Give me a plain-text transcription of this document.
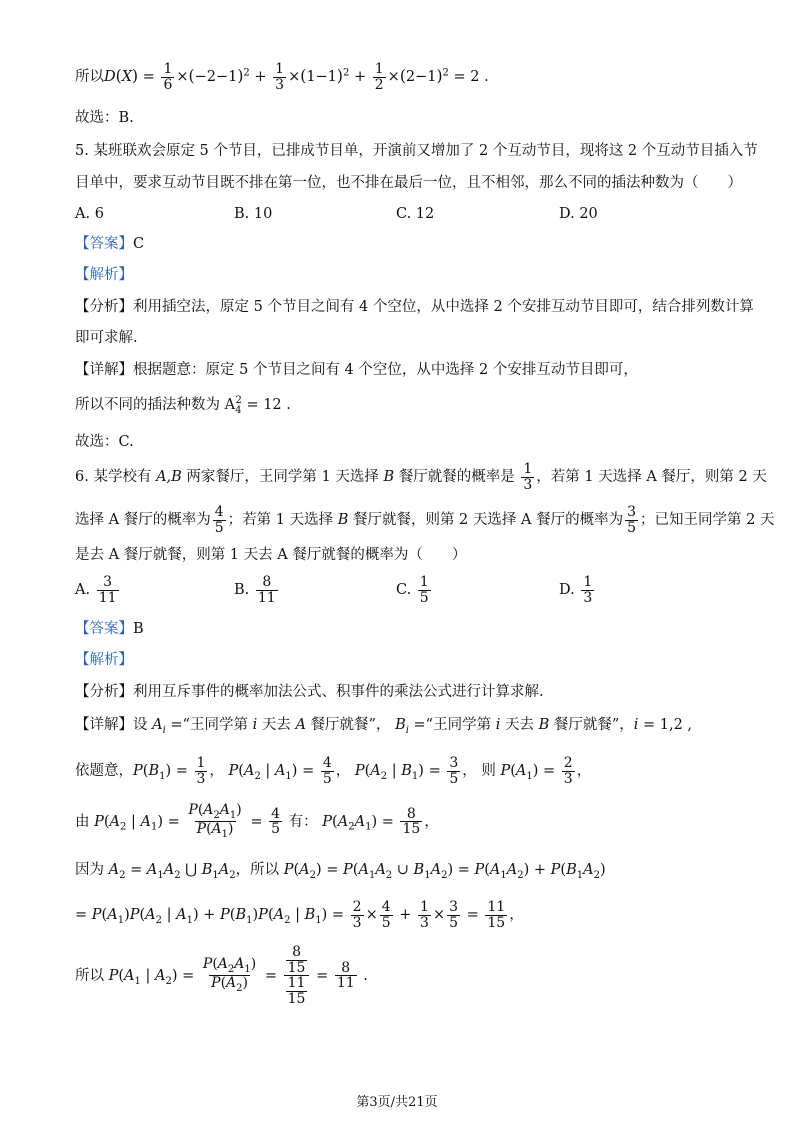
所以$D(X) = \frac{1}{6} \times(-2-1)^2 + \frac{1}{3} \times(1-1)^2 + \frac{1}{2} \times(2-1)^2 = 2$ .
故选：B.
5. 某班联欢会原定 5 个节目，已排成节目单，开演前又增加了 2 个互动节目，现将这 2 个互动节目插入节
目单中，要求互动节目既不排在第一位，也不排在最后一位，且不相邻，那么不同的插法种数为（　　）
A. 6	B. 10	C. 12	D. 20
【答案】C
【解析】
【分析】利用插空法，原定 5 个节目之间有 4 个空位，从中选择 2 个安排互动节目即可，结合排列数计算
即可求解.
【详解】根据题意：原定 5 个节目之间有 4 个空位，从中选择 2 个安排互动节目即可，
所以不同的插法种数为 $A_4^2 = 12$ .
故选：C.
6. 某学校有 A,B 两家餐厅，王同学第 1 天选择 B 餐厅就餐的概率是 $\frac{1}{3}$ ，若第 1 天选择 A 餐厅，则第 2 天
选择 A 餐厅的概率为 $\frac{4}{5}$ ；若第 1 天选择 B 餐厅就餐，则第 2 天选择 A 餐厅的概率为 $\frac{3}{5}$ ；已知王同学第 2 天
是去 A 餐厅就餐，则第 1 天去 A 餐厅就餐的概率为（　　）
A. $\frac{3}{11}$	B. $\frac{8}{11}$	C. $\frac{1}{5}$	D. $\frac{1}{3}$
【答案】B
【解析】
【分析】利用互斥事件的概率加法公式、积事件的乘法公式进行计算求解.
【详解】设 $A_i$ =“王同学第 i 天去 A 餐厅就餐”， $B_i$ =“王同学第 i 天去 B 餐厅就餐”，i = 1,2 ,
依题意，$P(B_1) = \frac{1}{3}$ ， $P(A_2$ | $A_1) = \frac{4}{5}$ ， $P(A_2$ | $B_1) = \frac{3}{5}$ ， 则 $P(A_1) = \frac{2}{3}$ ，
由 $P(A_2$ | $A_1) = \frac{P(A_2A_1)}{P(A_1)} = \frac{4}{5}$ 有： $P(A_2A_1) = \frac{8}{15}$ ，
因为 $A_2 = A_1A_2$ ⋃ $B_1A_2$，所以 $P(A_2) = P(A_1A_2$ ∪ $B_1A_2) = P(A_1A_2) + P(B_1A_2)$
= $P(A_1)P(A_2$ | $A_1) + P(B_1)P(A_2$ | $B_1) = \frac{2}{3} \times \frac{4}{5} + \frac{1}{3} \times \frac{3}{5} = \frac{11}{15}$ ，
所以 $P(A_1$ | $A_2) = \frac{P(A_2A_1)}{P(A_2)} = \frac{\frac{8}{15}}{\frac{11}{15}} = \frac{8}{11}$ .
第3页/共21页
